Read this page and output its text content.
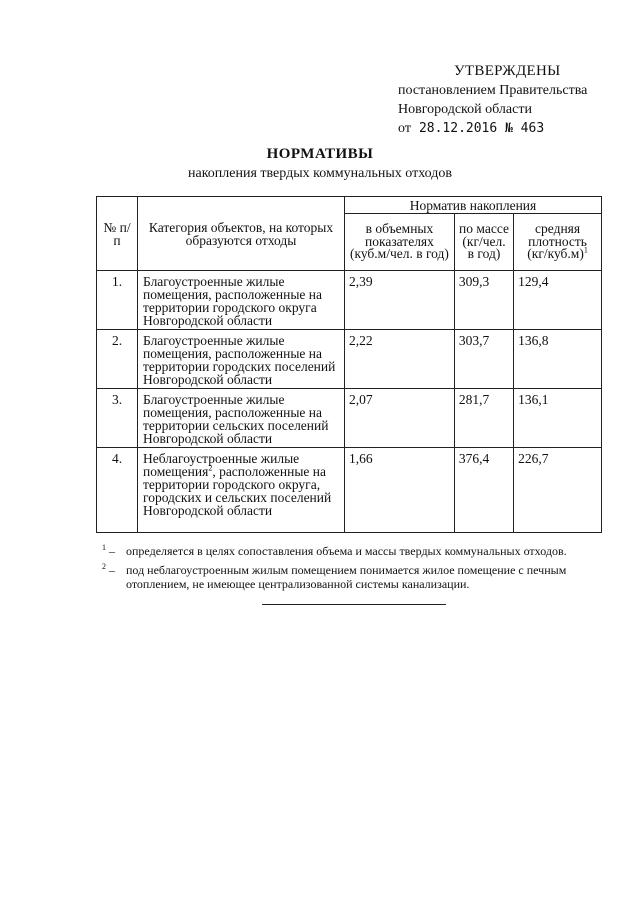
УТВЕРЖДЕНЫ
постановлением Правительства
Новгородской области
от 28.12.2016 № 463
НОРМАТИВЫ
накопления твердых коммунальных отходов
№ п/п	Категория объектов, на которых образуются отходы	Норматив накопления		
		в объемных показателях (куб.м/чел. в год)	по массе (кг/чел. в год)	средняя плотность $(кг/куб.м)^1$
1.	Благоустроенные жилые помещения, расположенные на территории городского округа Новгородской области	2,39	309,3	129,4
2.	Благоустроенные жилые помещения, расположенные на территории городских поселений Новгородской области	2,22	303,7	136,8
3.	Благоустроенные жилые помещения, расположенные на территории сельских поселений Новгородской области	2,07	281,7	136,1
4.	Неблагоустроенные жилые помещения$^2$, расположенные на территории городского округа, городских и сельских поселений Новгородской области	1,66	376,4	226,7
$^1$ – определяется в целях сопоставления объема и массы твердых коммунальных отходов.
$^2$ – под неблагоустроенным жилым помещением понимается жилое помещение с печным отоплением, не имеющее централизованной системы канализации.
